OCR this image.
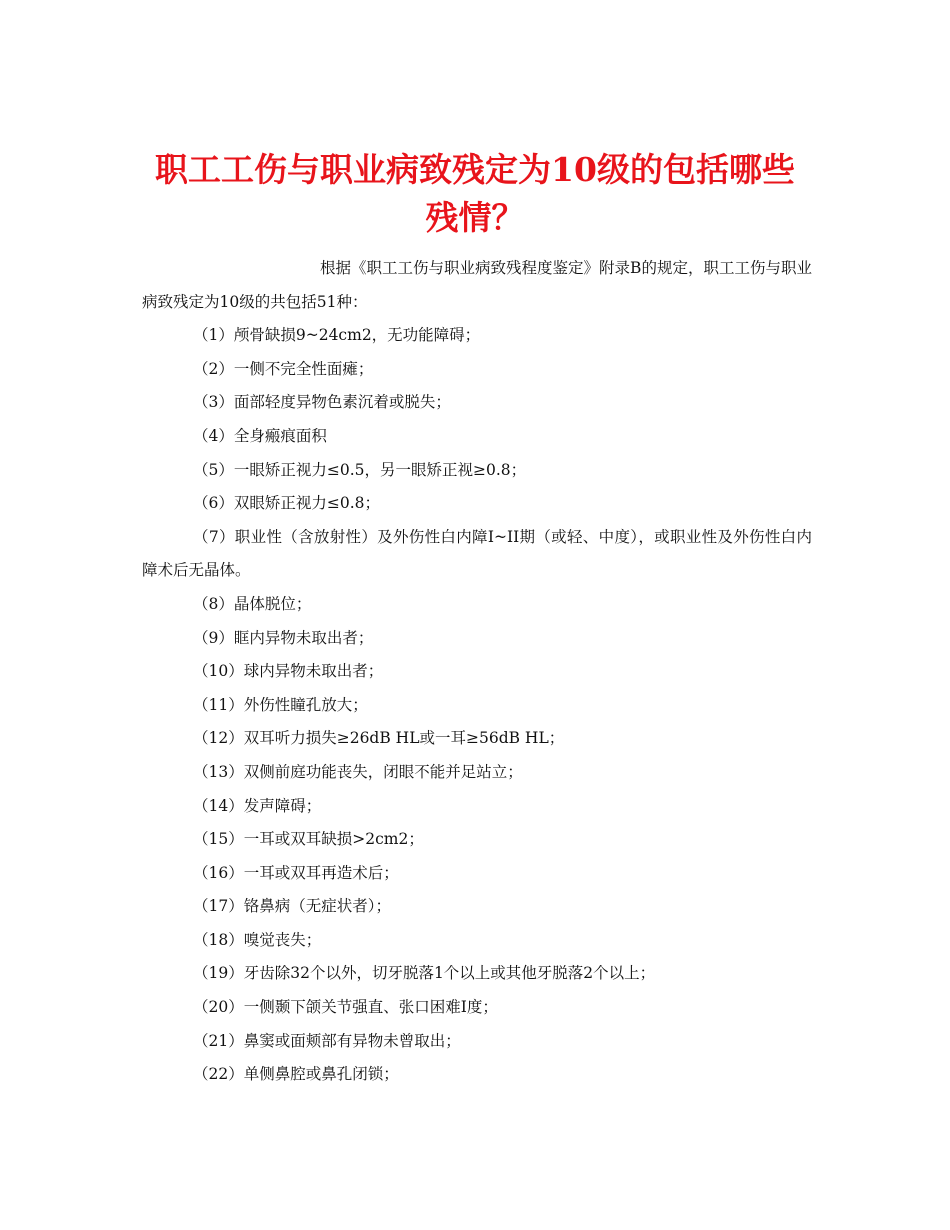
职工工伤与职业病致残定为10级的包括哪些
残情？

根据《职工工伤与职业病致残程度鉴定》附录B的规定，职工工伤与职业病致残定为10级的共包括51种：

（1）颅骨缺损9~24cm2，无功能障碍；
（2）一侧不完全性面瘫；
（3）面部轻度异物色素沉着或脱失；
（4）全身瘢痕面积
（5）一眼矫正视力≤0.5，另一眼矫正视≥0.8；
（6）双眼矫正视力≤0.8；
（7）职业性（含放射性）及外伤性白内障I~II期（或轻、中度），或职业性及外伤性白内障术后无晶体。
（8）晶体脱位；
（9）眶内异物未取出者；
（10）球内异物未取出者；
（11）外伤性瞳孔放大；
（12）双耳听力损失≥26dB HL或一耳≥56dB HL；
（13）双侧前庭功能丧失，闭眼不能并足站立；
（14）发声障碍；
（15）一耳或双耳缺损>2cm2；
（16）一耳或双耳再造术后；
（17）铬鼻病（无症状者）；
（18）嗅觉丧失；
（19）牙齿除32个以外，切牙脱落1个以上或其他牙脱落2个以上；
（20）一侧颞下颌关节强直、张口困难I度；
（21）鼻窦或面颊部有异物未曾取出；
（22）单侧鼻腔或鼻孔闭锁；
